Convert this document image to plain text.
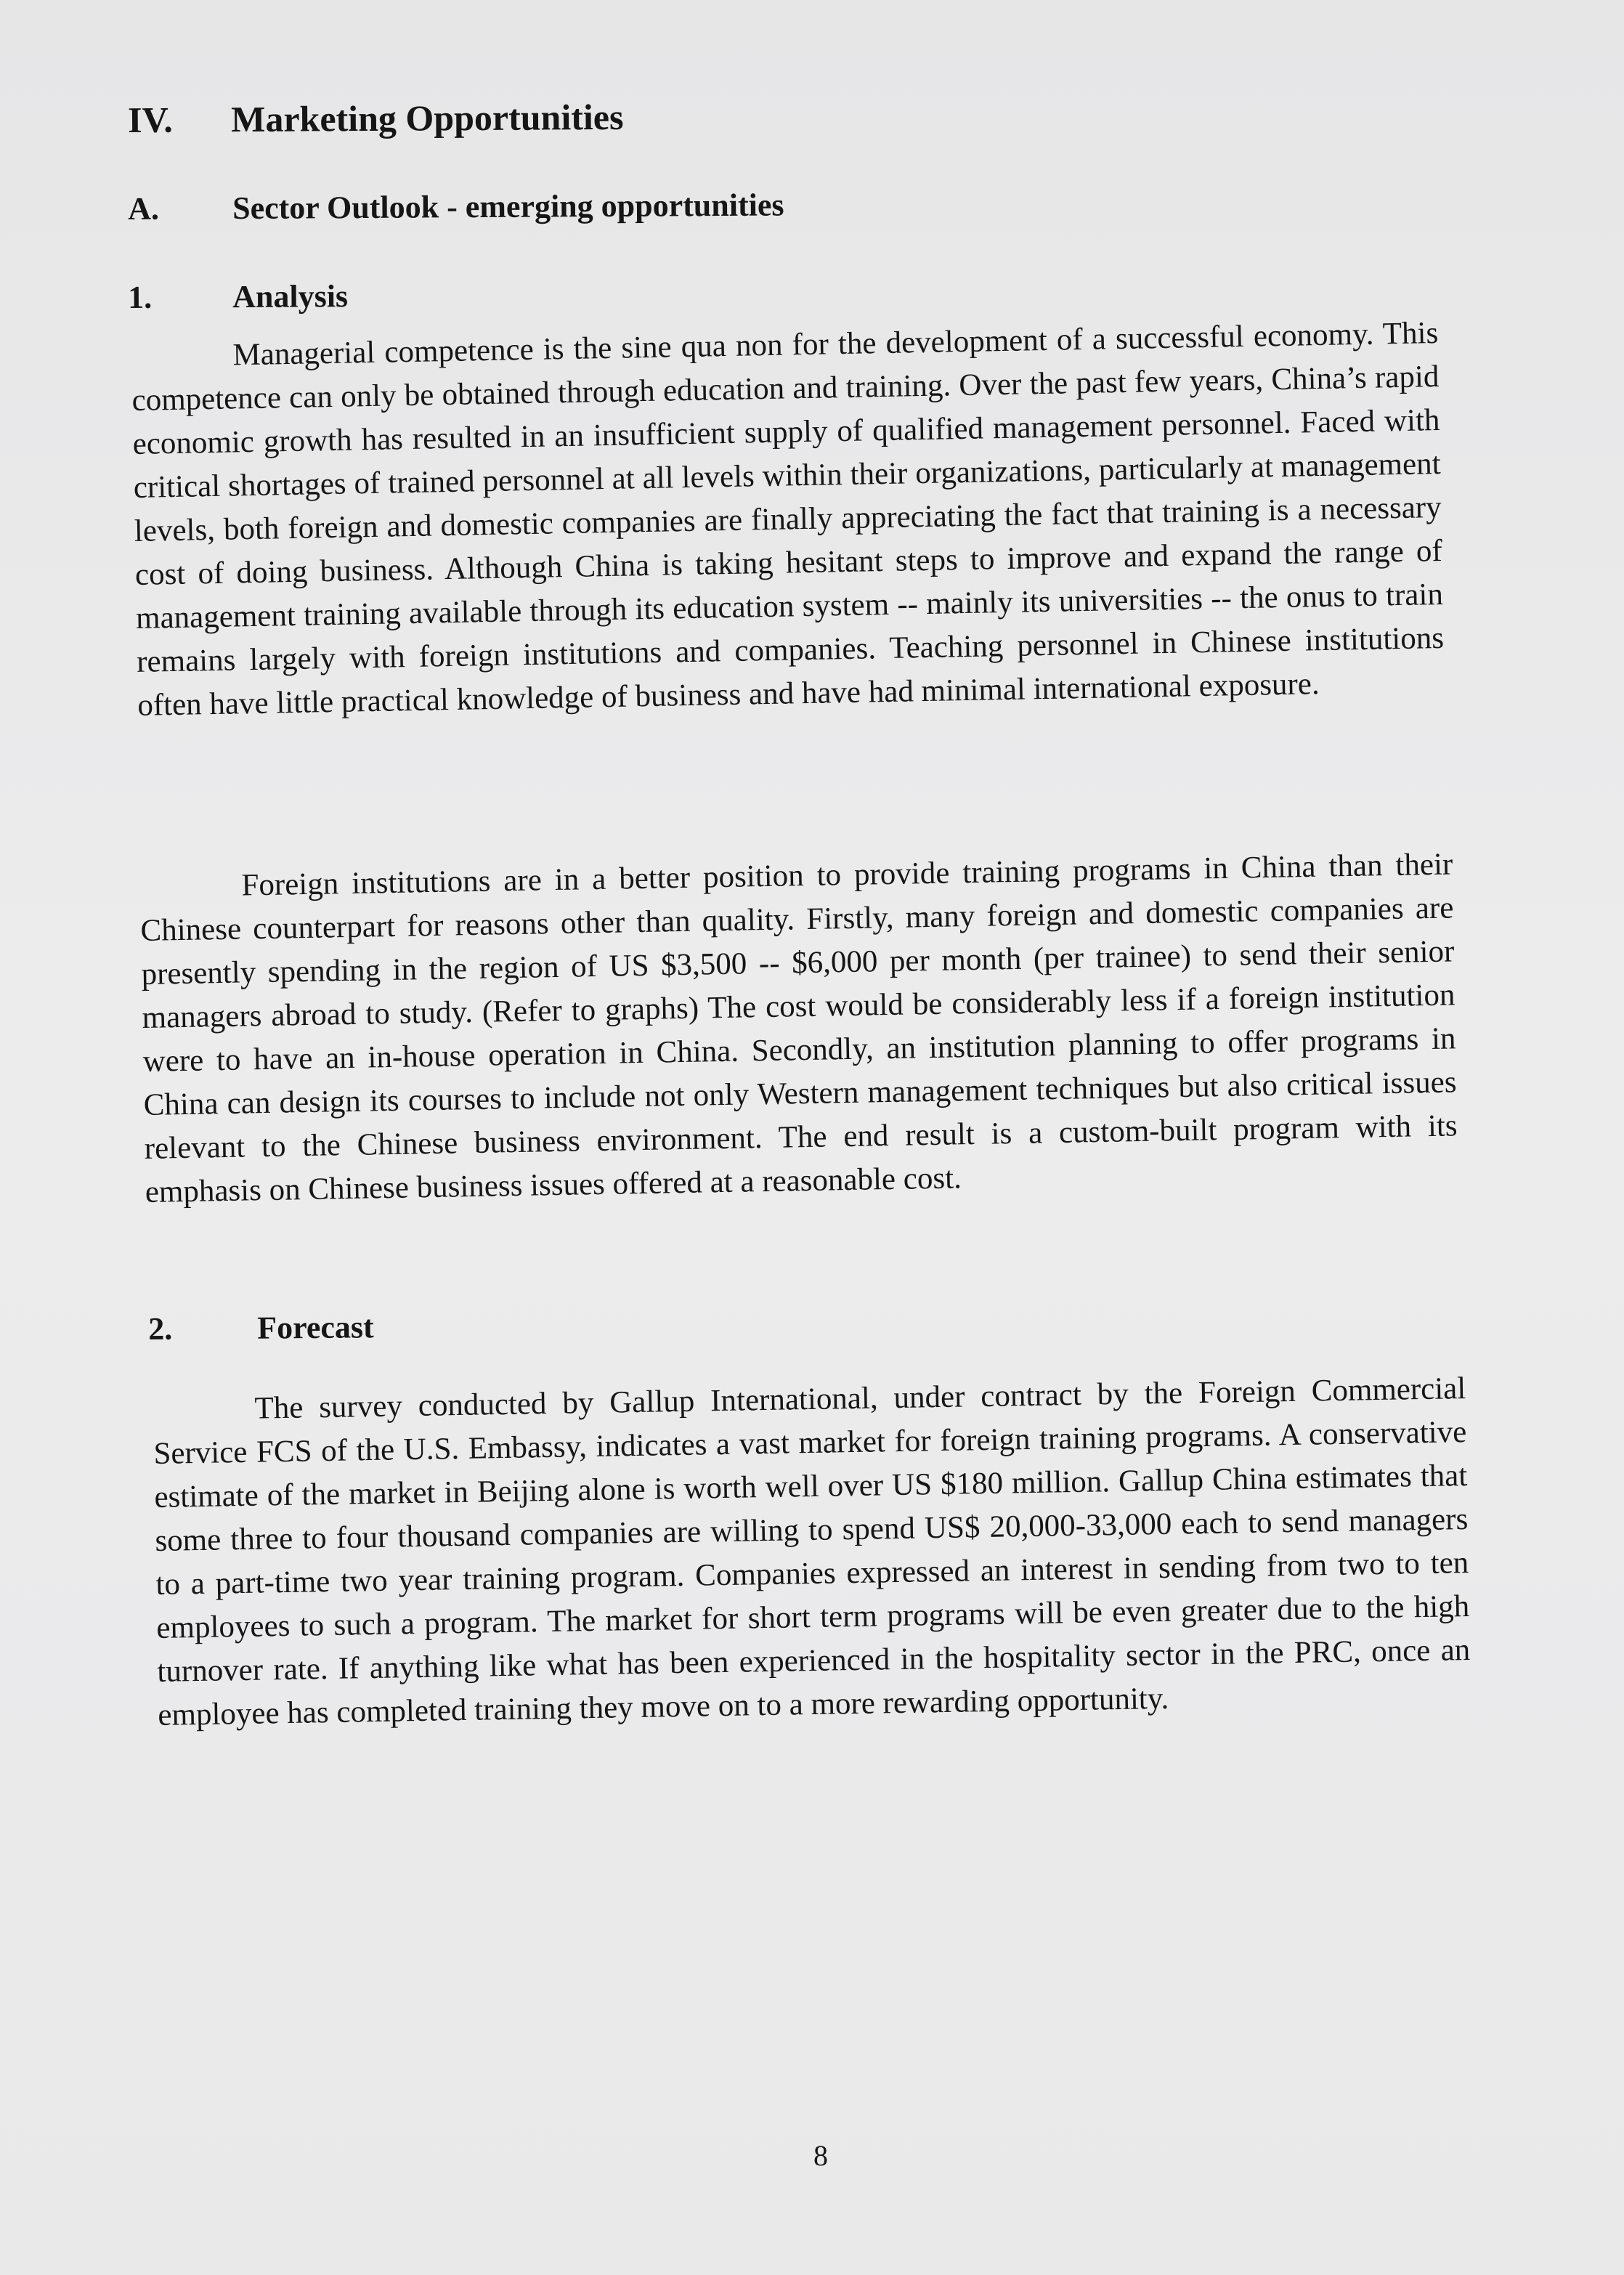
IV. Marketing Opportunities
A. Sector Outlook - emerging opportunities
1.	Analysis

Managerial competence is the sine qua non for the development of a successful economy. This competence can only be obtained through education and training. Over the past few years, China’s rapid economic growth has resulted in an insufficient supply of qualified management personnel. Faced with critical shortages of trained personnel at all levels within their organizations, particularly at management levels, both foreign and domestic companies are finally appreciating the fact that training is a necessary cost of doing business. Although China is taking hesitant steps to improve and expand the range of management training available through its education system -- mainly its universities -- the onus to train remains largely with foreign institutions and companies. Teaching personnel in Chinese institutions often have little practical knowledge of business and have had minimal international exposure.

Foreign institutions are in a better position to provide training programs in China than their Chinese counterpart for reasons other than quality. Firstly, many foreign and domestic companies are presently spending in the region of US $3,500 -- $6,000 per month (per trainee) to send their senior managers abroad to study. (Refer to graphs) The cost would be considerably less if a foreign institution were to have an in-house operation in China. Secondly, an institution planning to offer programs in China can design its courses to include not only Western management techniques but also critical issues relevant to the Chinese business environment. The end result is a custom-built program with its emphasis on Chinese business issues offered at a reasonable cost.

2.	Forecast

The survey conducted by Gallup International, under contract by the Foreign Commercial Service FCS of the U.S. Embassy, indicates a vast market for foreign training programs. A conservative estimate of the market in Beijing alone is worth well over US $180 million. Gallup China estimates that some three to four thousand companies are willing to spend US$ 20,000-33,000 each to send managers to a part-time two year training program. Companies expressed an interest in sending from two to ten employees to such a program. The market for short term programs will be even greater due to the high turnover rate. If anything like what has been experienced in the hospitality sector in the PRC, once an employee has completed training they move on to a more rewarding opportunity.

8
